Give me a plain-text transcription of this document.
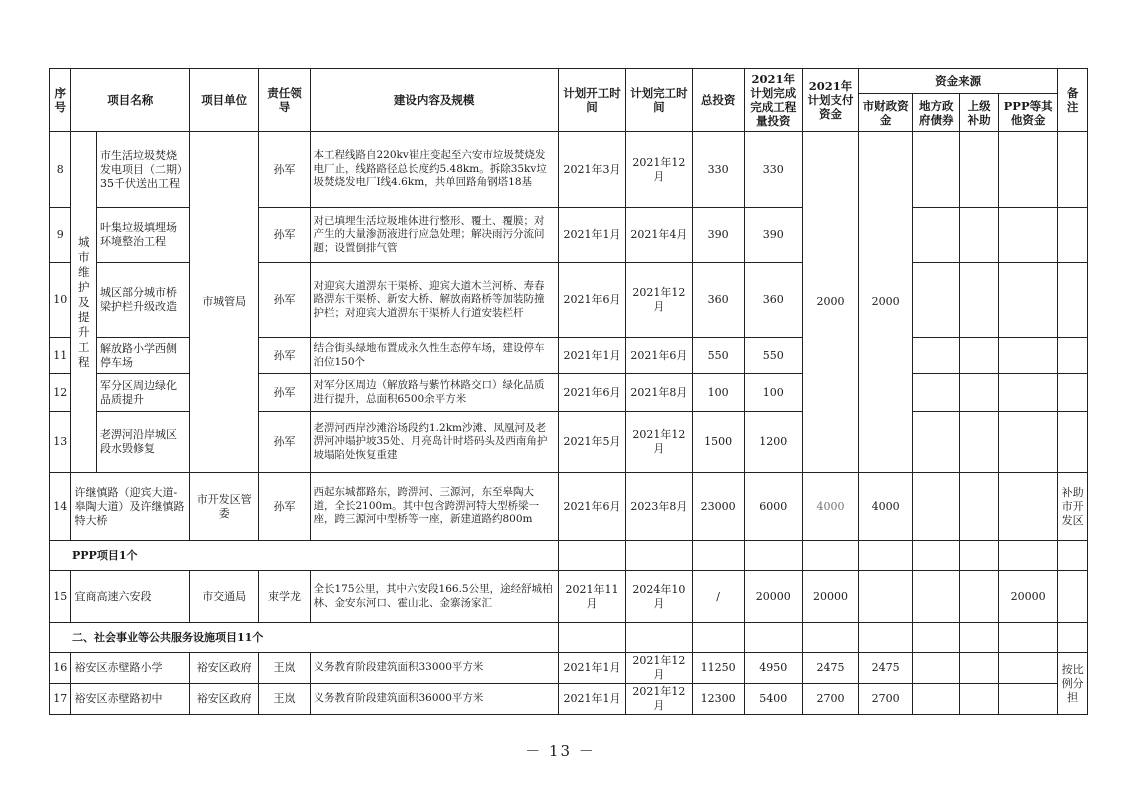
序号	项目名称		项目单位	责任领导	建设内容及规模	计划开工时间	计划完工时间	总投资	2021年计划完成完成工程量投资	2021年计划支付资金	资金来源				备注
											市财政资金	地方政府债券	上级补助	PPP等其他资金	
8	城市维护及提升工程	市生活垃圾焚烧发电项目（二期）35千伏送出工程	市城管局	孙军	本工程线路自220kv崔庄变起至六安市垃圾焚烧发电厂止，线路路径总长度约5.48km。拆除35kv垃圾焚烧发电厂Ⅰ线4.6km，共单回路角钢塔18基	2021年3月	2021年12月	330	330	2000	2000				
9		叶集垃圾填埋场环境整治工程		孙军	对已填埋生活垃圾堆体进行整形、覆土、覆膜；对产生的大量渗沥液进行应急处理；解决雨污分流问题；设置倒排气管	2021年1月	2021年4月	390	390						
10		城区部分城市桥梁护栏升级改造		孙军	对迎宾大道淠东干渠桥、迎宾大道木兰河桥、寿春路淠东干渠桥、新安大桥、解放南路桥等加装防撞护栏；对迎宾大道淠东干渠桥人行道安装栏杆	2021年6月	2021年12月	360	360						
11		解放路小学西侧停车场		孙军	结合街头绿地布置成永久性生态停车场，建设停车泊位150个	2021年1月	2021年6月	550	550						
12		军分区周边绿化品质提升		孙军	对军分区周边（解放路与紫竹林路交口）绿化品质进行提升，总面积6500余平方米	2021年6月	2021年8月	100	100						
13		老淠河沿岸城区段水毁修复		孙军	老淠河西岸沙滩浴场段约1.2km沙滩、凤凰河及老淠河冲塌护坡35处、月亮岛计时塔码头及西南角护坡塌陷处恢复重建	2021年5月	2021年12月	1500	1200						
14	许继慎路（迎宾大道-皋陶大道）及许继慎路特大桥		市开发区管委	孙军	西起东城都路东，跨淠河、三源河，东至皋陶大道，全长2100m。其中包含跨淠河特大型桥梁一座，跨三源河中型桥等一座，新建道路约800m	2021年6月	2023年8月	23000	6000	4000	4000				补助市开发区
PPP项目1个															
15	宜商高速六安段		市交通局	束学龙	全长175公里，其中六安段166.5公里，途经舒城柏林、金安东河口、霍山北、金寨汤家汇	2021年11月	2024年10月	/	20000	20000				20000	
二、社会事业等公共服务设施项目11个															
16	裕安区赤壁路小学		裕安区政府	王岚	义务教育阶段建筑面积33000平方米	2021年1月	2021年12月	11250	4950	2475	2475				按比例分担
17	裕安区赤壁路初中		裕安区政府	王岚	义务教育阶段建筑面积36000平方米	2021年1月	2021年12月	12300	5400	2700	2700				
－ 13 －
